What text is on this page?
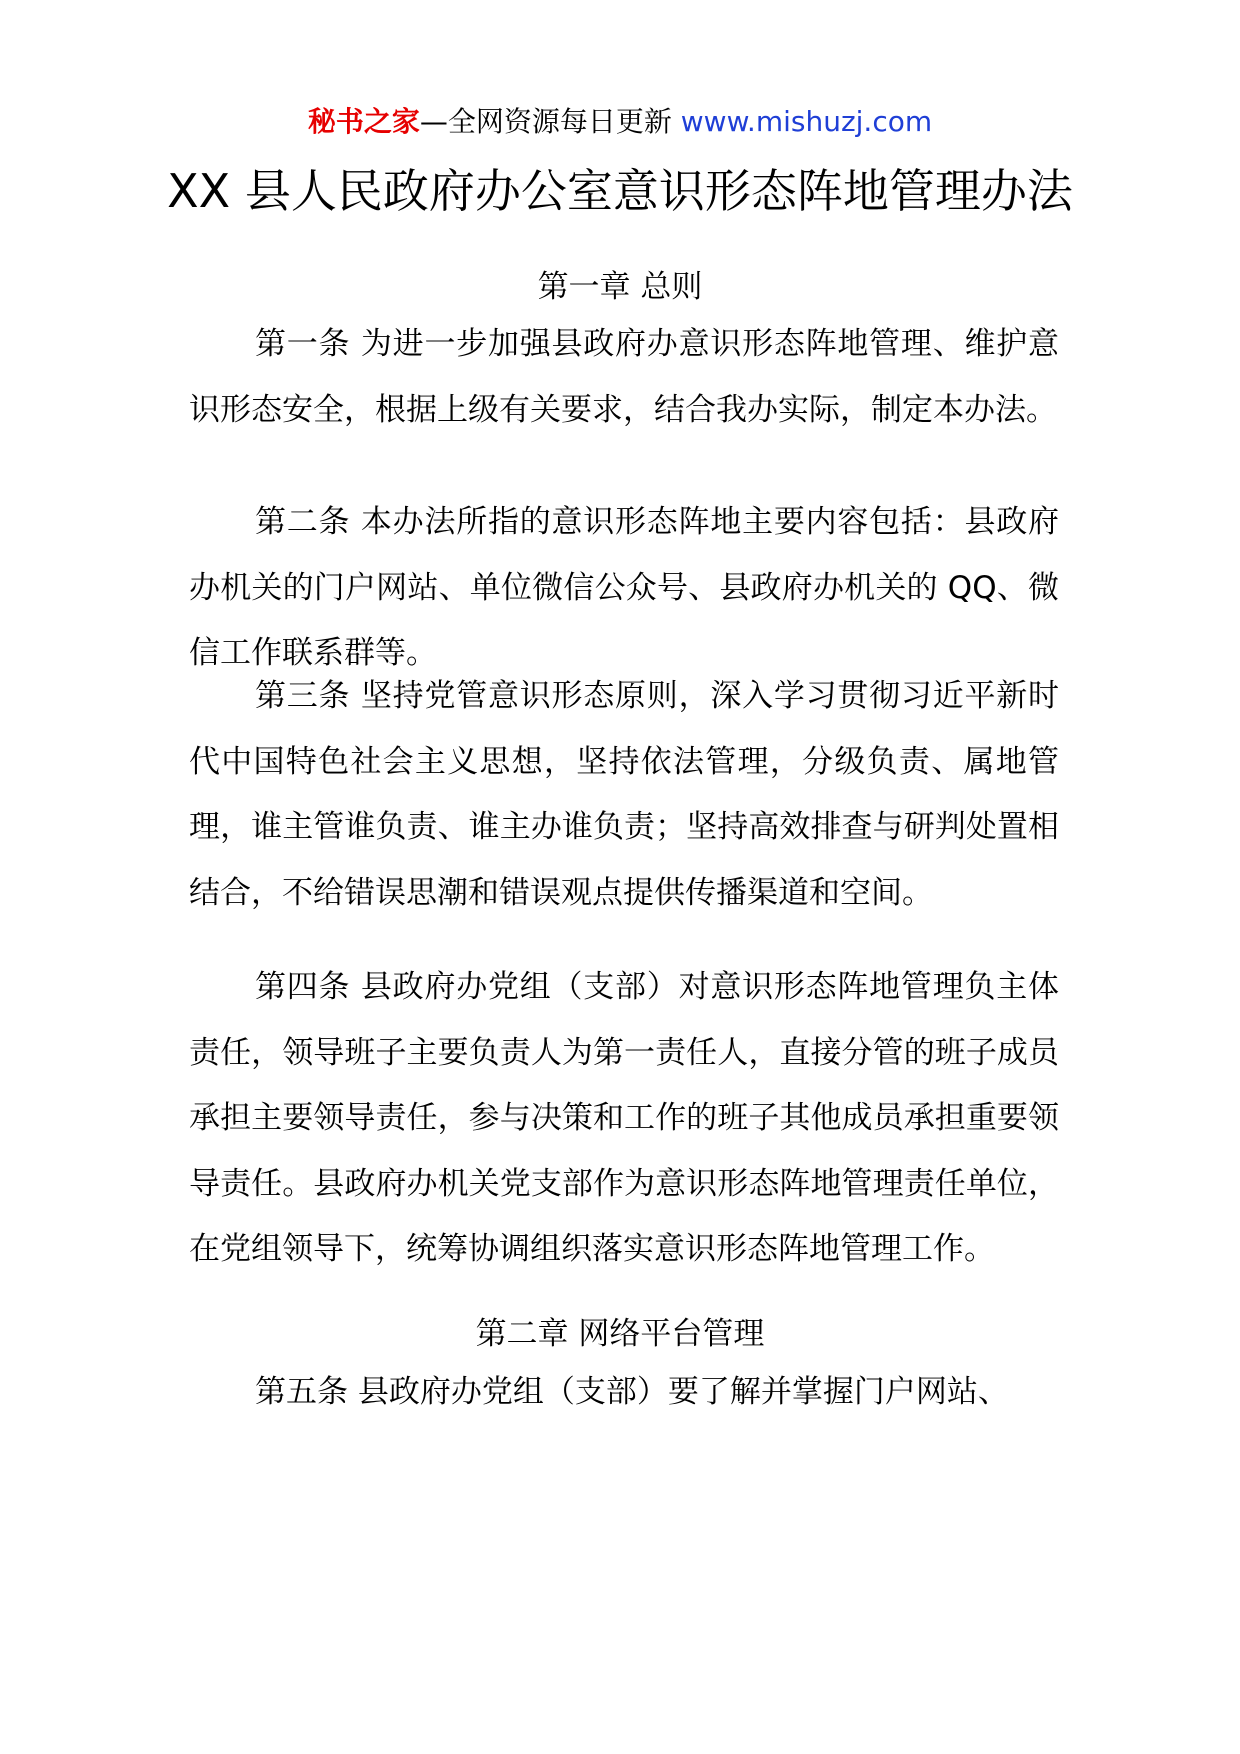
秘书之家—全网资源每日更新 www.mishuzj.com
XX 县人民政府办公室意识形态阵地管理办法
第一章 总则
第一条 为进一步加强县政府办意识形态阵地管理、维护意识形态安全，根据上级有关要求，结合我办实际，制定本办法。
第二条 本办法所指的意识形态阵地主要内容包括：县政府办机关的门户网站、单位微信公众号、县政府办机关的 QQ、微信工作联系群等。
第三条 坚持党管意识形态原则，深入学习贯彻习近平新时代中国特色社会主义思想，坚持依法管理，分级负责、属地管理，谁主管谁负责、谁主办谁负责；坚持高效排查与研判处置相结合，不给错误思潮和错误观点提供传播渠道和空间。
第四条 县政府办党组（支部）对意识形态阵地管理负主体责任，领导班子主要负责人为第一责任人，直接分管的班子成员承担主要领导责任，参与决策和工作的班子其他成员承担重要领导责任。县政府办机关党支部作为意识形态阵地管理责任单位，在党组领导下，统筹协调组织落实意识形态阵地管理工作。
第二章 网络平台管理
第五条 县政府办党组（支部）要了解并掌握门户网站、
